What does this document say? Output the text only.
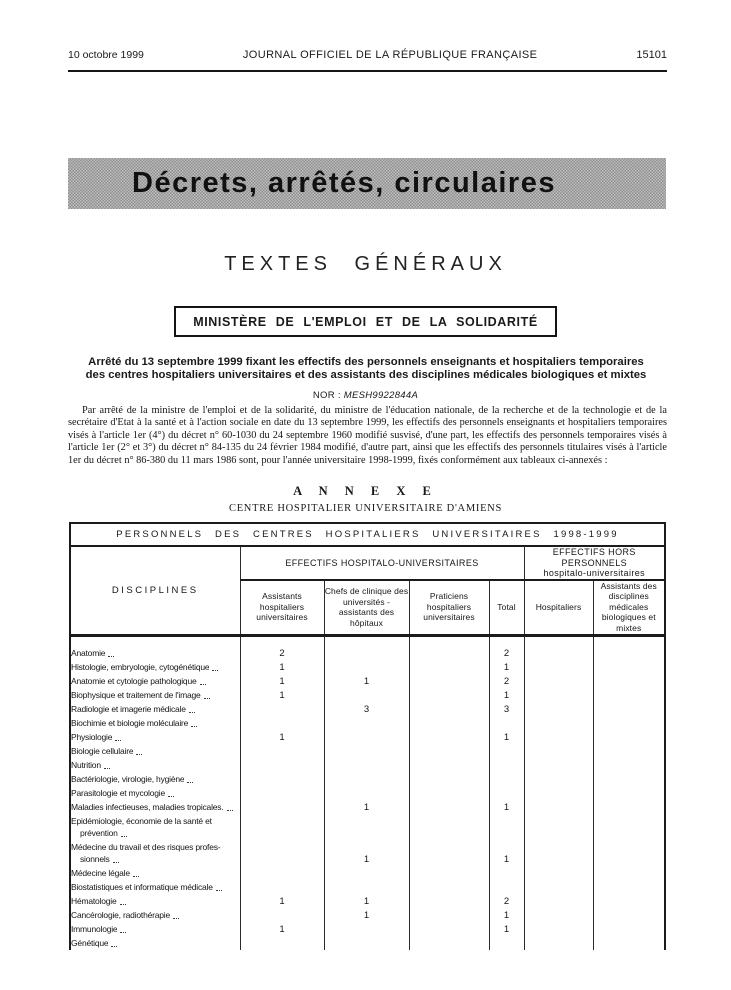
10 octobre 1999	JOURNAL OFFICIEL DE LA RÉPUBLIQUE FRANÇAISE	15101
Décrets, arrêtés, circulaires
TEXTES GÉNÉRAUX
MINISTÈRE DE L'EMPLOI ET DE LA SOLIDARITÉ
Arrêté du 13 septembre 1999 fixant les effectifs des personnels enseignants et hospitaliers temporaires des centres hospitaliers universitaires et des assistants des disciplines médicales biologiques et mixtes
NOR : MESH9922844A
Par arrêté de la ministre de l'emploi et de la solidarité, du ministre de l'éducation nationale, de la recherche et de la technologie et de la secrétaire d'Etat à la santé et à l'action sociale en date du 13 septembre 1999, les effectifs des personnels enseignants et hospitaliers temporaires visés à l'article 1er (4°) du décret n° 60-1030 du 24 septembre 1960 modifié susvisé, d'une part, les effectifs des personnels temporaires visés à l'article 1er (2° et 3°) du décret n° 84-135 du 24 février 1984 modifié, d'autre part, ainsi que les effectifs des personnels titulaires visés à l'article 1er du décret n° 86-380 du 11 mars 1986 sont, pour l'année universitaire 1998-1999, fixés conformément aux tableaux ci-annexés :
A N N E X E
CENTRE HOSPITALIER UNIVERSITAIRE D'AMIENS
PERSONNELS DES CENTRES HOSPITALIERS UNIVERSITAIRES 1998-1999						
DISCIPLINES	EFFECTIFS HOSPITALO-UNIVERSITAIRES				EFFECTIFS HORS PERSONNELS
hospitalo-universitaires	

	Assistants hospitaliers universitaires	Chefs de clinique des universités - assistants des hôpitaux	Praticiens hospitaliers universitaires	Total	Hospitaliers	Assistants des disciplines médicales biologiques et mixtes

Anatomie	2			2		

Histologie, embryologie, cytogénétique	1			1		

Anatomie et cytologie pathologique	1	1		2		

Biophysique et traitement de l'image	1			1		

Radiologie et imagerie médicale		3		3		

Biochimie et biologie moléculaire						

Physiologie	1			1		

Biologie cellulaire						

Nutrition						

Bactériologie, virologie, hygiène						

Parasitologie et mycologie						

Maladies infectieuses, maladies tropicales.		1		1		

Epidémiologie, économie de la santé et
prévention						

Médecine du travail et des risques profes-
sionnels		1		1		

Médecine légale						

Biostatistiques et informatique médicale						

Hématologie	1	1		2		

Cancérologie, radiothérapie		1		1		

Immunologie	1			1		

Génétique						
